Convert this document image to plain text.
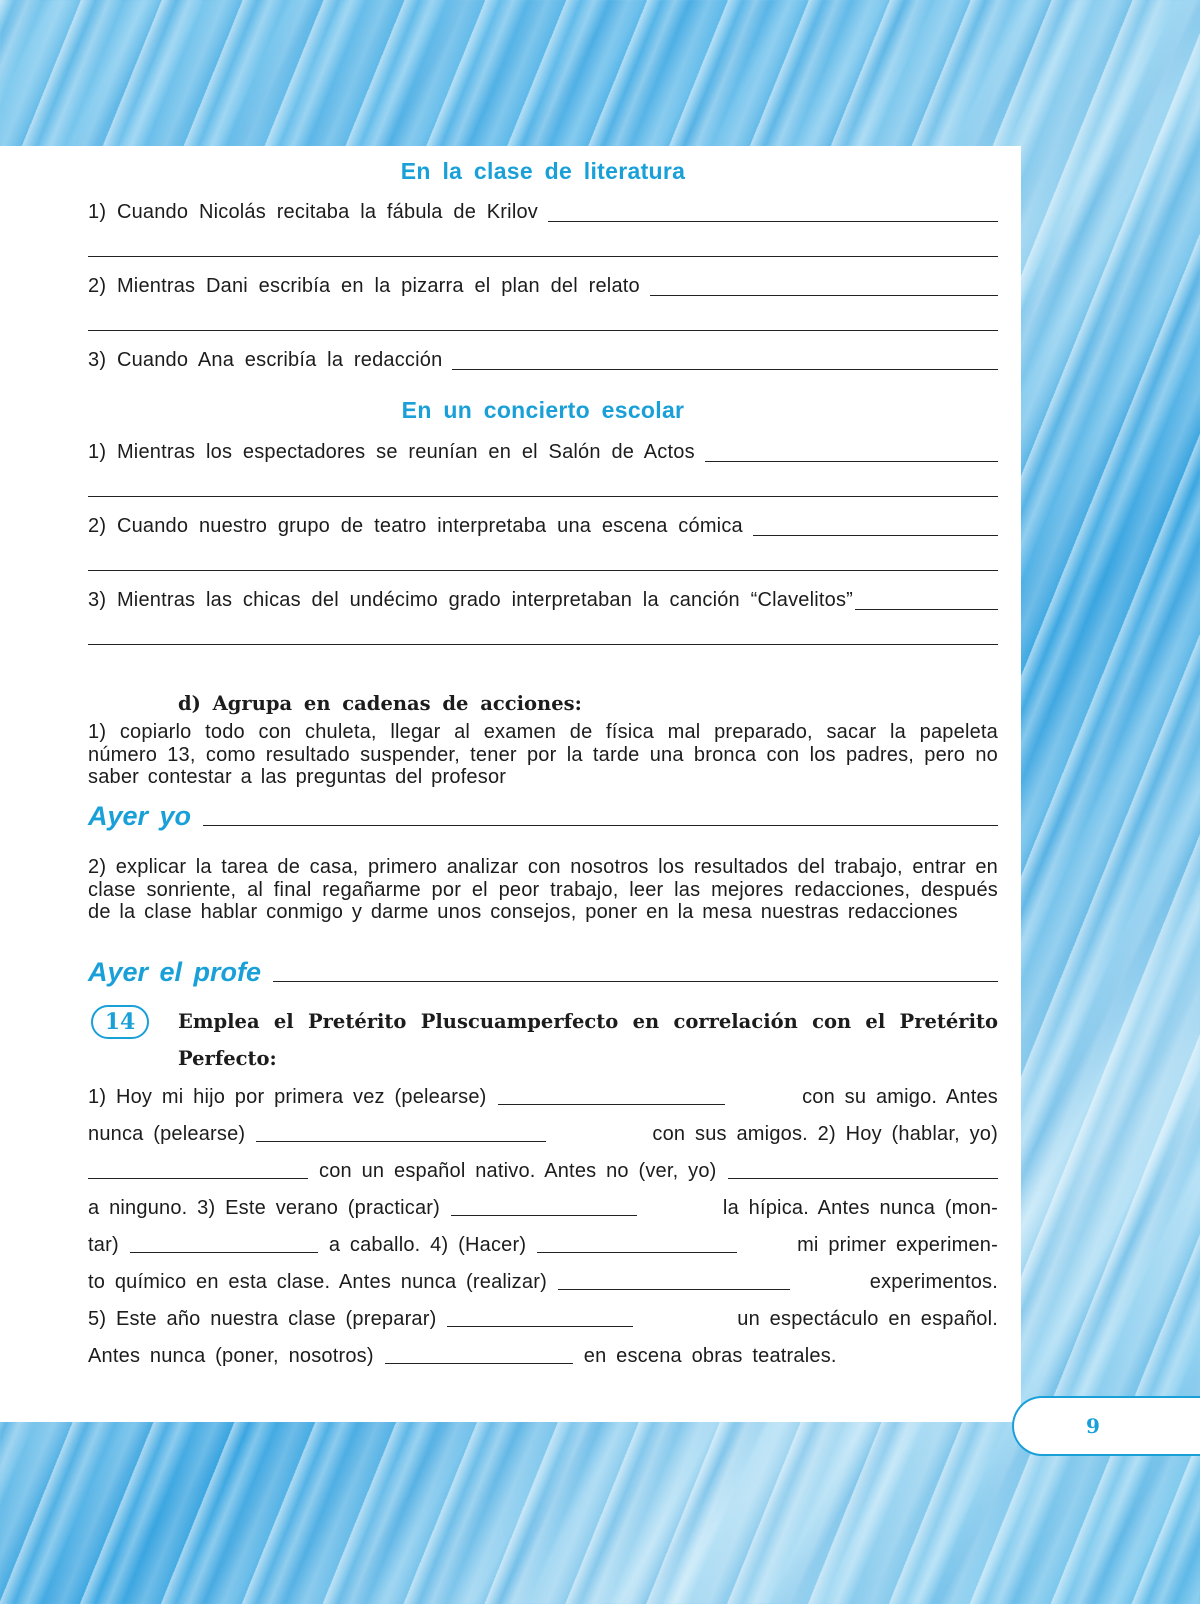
En la clase de literatura
1) Cuando Nicolás recitaba la fábula de Krilov
2) Mientras Dani escribía en la pizarra el plan del relato
3) Cuando Ana escribía la redacción
En un concierto escolar
1) Mientras los espectadores se reunían en el Salón de Actos
2) Cuando nuestro grupo de teatro interpretaba una escena cómica
3) Mientras las chicas del undécimo grado interpretaban la canción “Clavelitos”
d) Agrupa en cadenas de acciones:
1) copiarlo todo con chuleta, llegar al examen de física mal preparado, sacar la papeleta número 13, como resultado suspender, tener por la tarde una bronca con los padres, pero no saber contestar a las preguntas del profesor
Ayer yo
2) explicar la tarea de casa, primero analizar con nosotros los resultados del trabajo, entrar en clase sonriente, al final regañarme por el peor trabajo, leer las mejores redacciones, después de la clase hablar conmigo y darme unos consejos, poner en la mesa nuestras redacciones
Ayer el profe
14	Emplea el Pretérito Pluscuamperfecto en correlación con el Pretérito Perfecto:
1) Hoy mi hijo por primera vez (pelearse)	con su amigo. Antes
nunca (pelearse)	con sus amigos. 2) Hoy (hablar, yo)
con un español nativo. Antes no (ver, yo)
a ninguno. 3) Este verano (practicar)	la hípica. Antes nunca (mon-
tar)	a caballo. 4) (Hacer)	mi primer experimen-
to químico en esta clase. Antes nunca (realizar)	experimentos.
5) Este año nuestra clase (preparar)	un espectáculo en español.
Antes nunca (poner, nosotros)	en escena obras teatrales.
9
